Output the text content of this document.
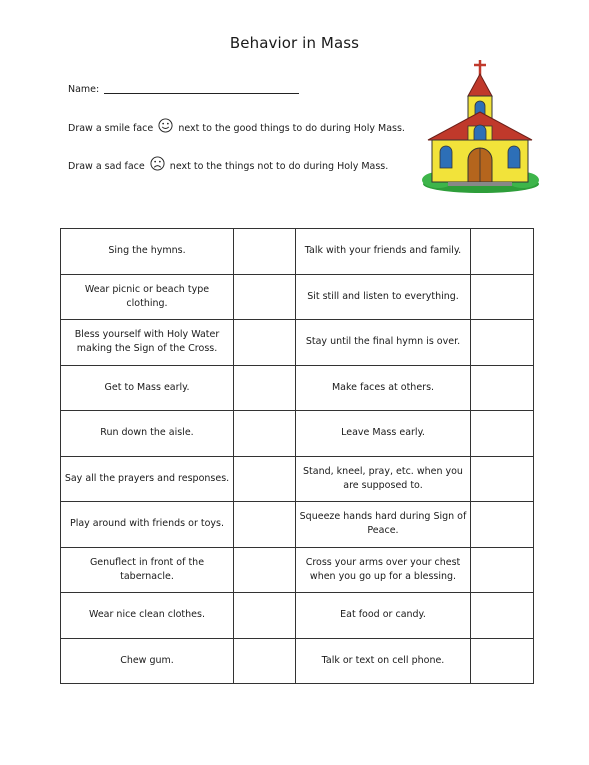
Behavior in Mass
Name:
Draw a smile face	next to the good things to do during Holy Mass.
Draw a sad face	next to the things not to do during Holy Mass.
Sing the hymns.		Talk with your friends and family.	
Wear picnic or beach type clothing.		Sit still and listen to everything.	
Bless yourself with Holy Water making the Sign of the Cross.		Stay until the final hymn is over.	
Get to Mass early.		Make faces at others.	
Run down the aisle.		Leave Mass early.	
Say all the prayers and responses.		Stand, kneel, pray, etc. when you are supposed to.	
Play around with friends or toys.		Squeeze hands hard during Sign of Peace.	
Genuflect in front of the tabernacle.		Cross your arms over your chest when you go up for a blessing.	
Wear nice clean clothes.		Eat food or candy.	
Chew gum.		Talk or text on cell phone.	
